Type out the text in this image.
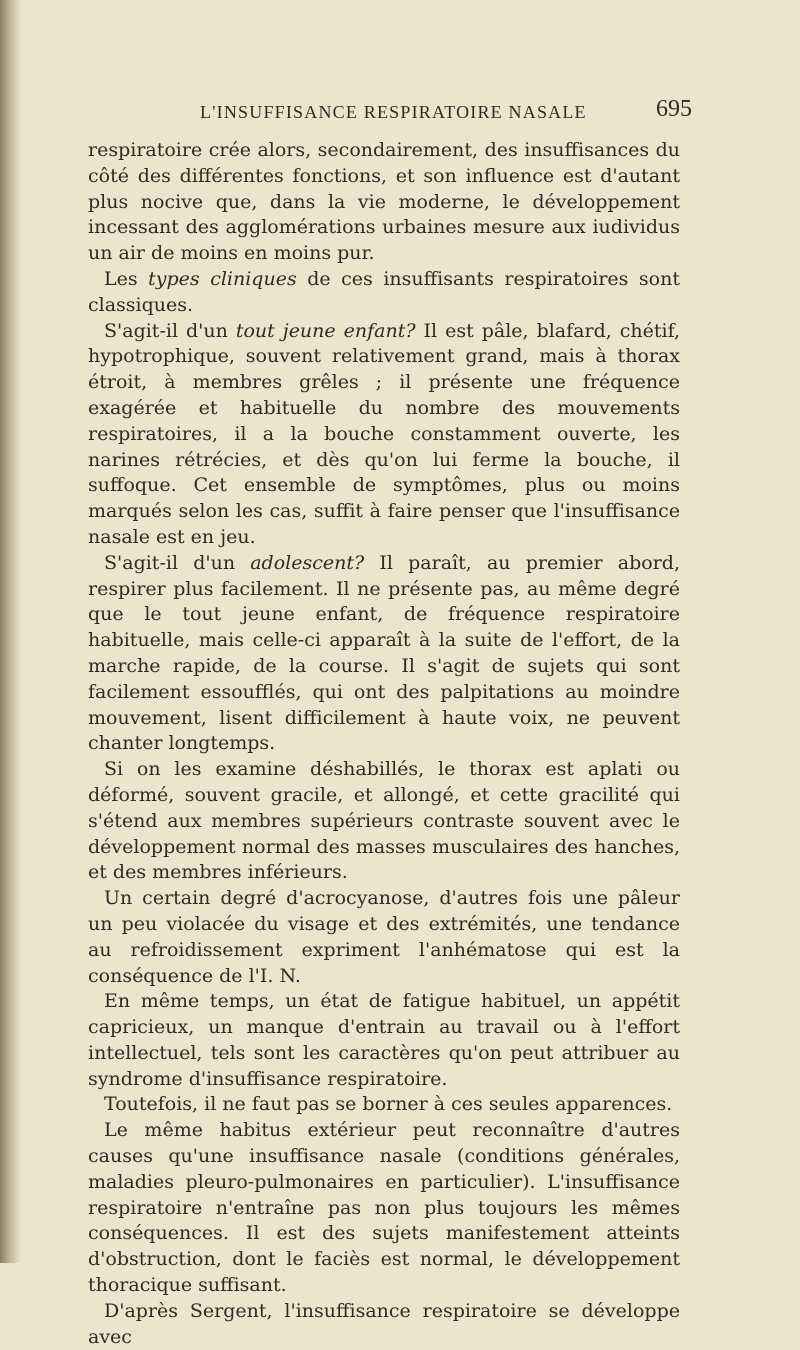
L'INSUFFISANCE RESPIRATOIRE NASALE	695

respiratoire crée alors, secondairement, des insuffisances du côté des différentes fonctions, et son influence est d'autant plus nocive que, dans la vie moderne, le développement incessant des agglomérations urbaines mesure aux iudividus un air de moins en moins pur.

Les types cliniques de ces insuffisants respiratoires sont classiques.

S'agit-il d'un tout jeune enfant? Il est pâle, blafard, chétif, hypotrophique, souvent relativement grand, mais à thorax étroit, à membres grêles ; il présente une fréquence exagérée et habituelle du nombre des mouvements respiratoires, il a la bouche constamment ouverte, les narines rétrécies, et dès qu'on lui ferme la bouche, il suffoque. Cet ensemble de symptômes, plus ou moins marqués selon les cas, suffit à faire penser que l'insuffisance nasale est en jeu.

S'agit-il d'un adolescent? Il paraît, au premier abord, respirer plus facilement. Il ne présente pas, au même degré que le tout jeune enfant, de fréquence respiratoire habituelle, mais celle-ci apparaît à la suite de l'effort, de la marche rapide, de la course. Il s'agit de sujets qui sont facilement essoufflés, qui ont des palpitations au moindre mouvement, lisent difficilement à haute voix, ne peuvent chanter longtemps.

Si on les examine déshabillés, le thorax est aplati ou déformé, souvent gracile, et allongé, et cette gracilité qui s'étend aux membres supérieurs contraste souvent avec le développement normal des masses musculaires des hanches, et des membres inférieurs.

Un certain degré d'acrocyanose, d'autres fois une pâleur un peu violacée du visage et des extrémités, une tendance au refroidissement expriment l'anhématose qui est la conséquence de l'I. N.

En même temps, un état de fatigue habituel, un appétit capricieux, un manque d'entrain au travail ou à l'effort intellectuel, tels sont les caractères qu'on peut attribuer au syndrome d'insuffisance respiratoire.

Toutefois, il ne faut pas se borner à ces seules apparences.

Le même habitus extérieur peut reconnaître d'autres causes qu'une insuffisance nasale (conditions générales, maladies pleuro-pulmonaires en particulier). L'insuffisance respiratoire n'entraîne pas non plus toujours les mêmes conséquences. Il est des sujets manifestement atteints d'obstruction, dont le faciès est normal, le développement thoracique suffisant.

D'après Sergent, l'insuffisance respiratoire se développe avec
